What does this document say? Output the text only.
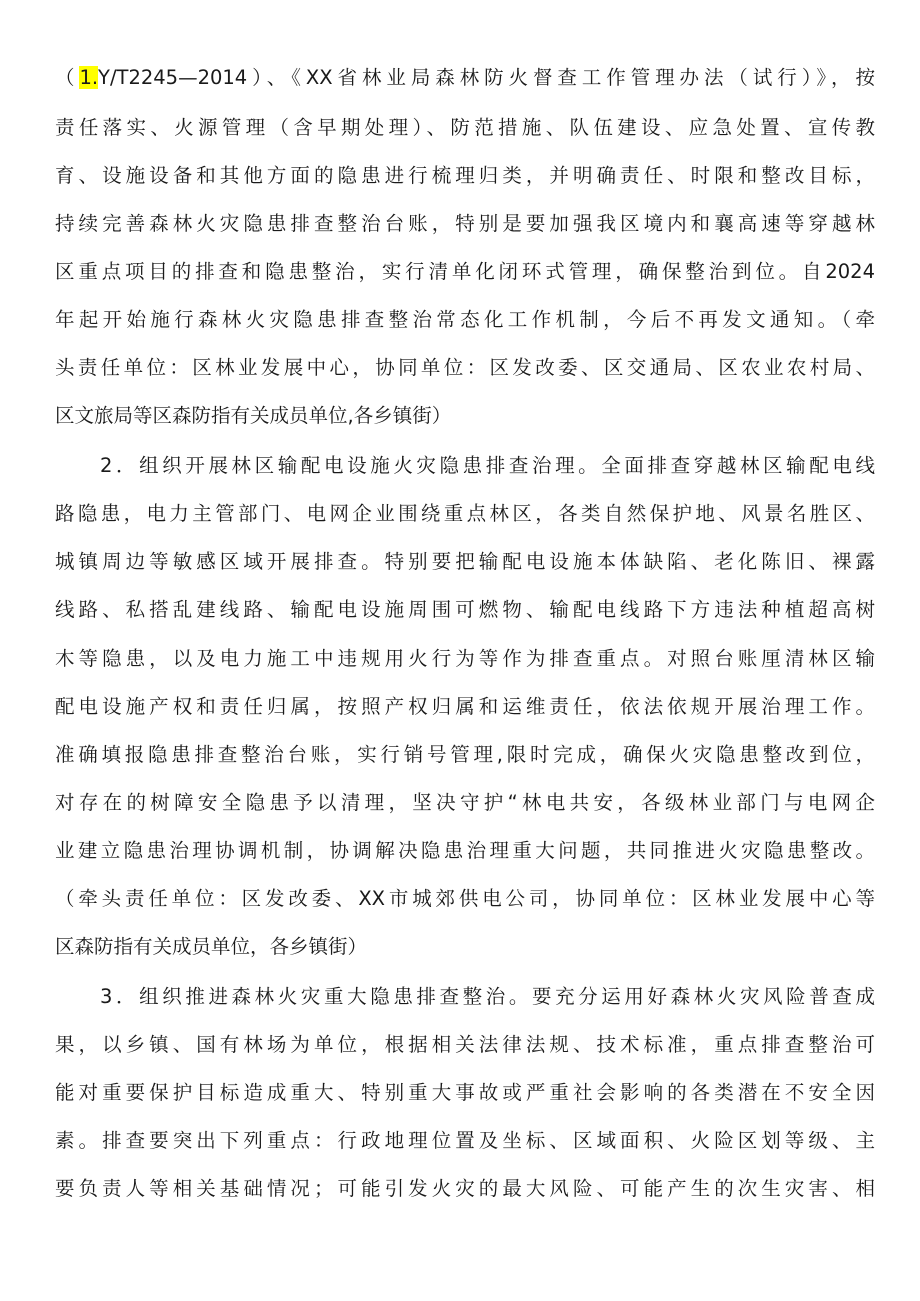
（1.Y/T2245—2014）、《XX省林业局森林防火督查工作管理办法（试行）》，按
责任落实、火源管理（含早期处理）、防范措施、队伍建设、应急处置、宣传教
育、设施设备和其他方面的隐患进行梳理归类，并明确责任、时限和整改目标，
持续完善森林火灾隐患排查整治台账，特别是要加强我区境内和襄高速等穿越林
区重点项目的排查和隐患整治，实行清单化闭环式管理，确保整治到位。自2024
年起开始施行森林火灾隐患排查整治常态化工作机制，今后不再发文通知。（牵
头责任单位：区林业发展中心，协同单位：区发改委、区交通局、区农业农村局、
区文旅局等区森防指有关成员单位,各乡镇街）
2．组织开展林区输配电设施火灾隐患排查治理。全面排查穿越林区输配电线
路隐患，电力主管部门、电网企业围绕重点林区，各类自然保护地、风景名胜区、
城镇周边等敏感区域开展排查。特别要把输配电设施本体缺陷、老化陈旧、裸露
线路、私搭乱建线路、输配电设施周围可燃物、输配电线路下方违法种植超高树
木等隐患，以及电力施工中违规用火行为等作为排查重点。对照台账厘清林区输
配电设施产权和责任归属，按照产权归属和运维责任，依法依规开展治理工作。
准确填报隐患排查整治台账，实行销号管理,限时完成，确保火灾隐患整改到位，
对存在的树障安全隐患予以清理，坚决守护“林电共安，各级林业部门与电网企
业建立隐患治理协调机制，协调解决隐患治理重大问题，共同推进火灾隐患整改。
（牵头责任单位：区发改委、XX市城郊供电公司，协同单位：区林业发展中心等
区森防指有关成员单位，各乡镇街）
3．组织推进森林火灾重大隐患排查整治。要充分运用好森林火灾风险普查成
果，以乡镇、国有林场为单位，根据相关法律法规、技术标准，重点排查整治可
能对重要保护目标造成重大、特别重大事故或严重社会影响的各类潜在不安全因
素。排查要突出下列重点：行政地理位置及坐标、区域面积、火险区划等级、主
要负责人等相关基础情况；可能引发火灾的最大风险、可能产生的次生灾害、相
